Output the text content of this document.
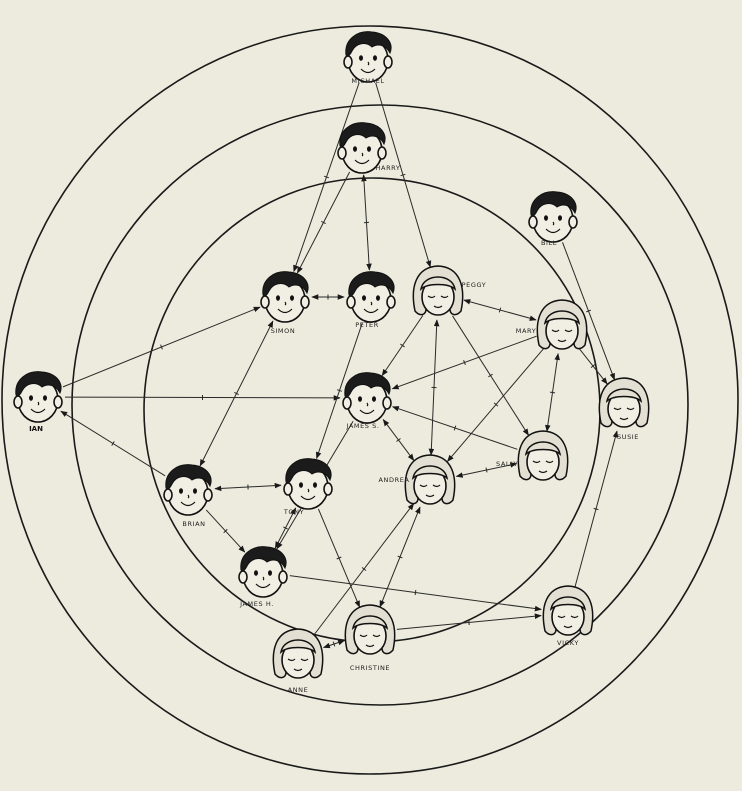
MICHAEL
HARRY
BILL
SIMON
PETER
PEGGY
MARY
IAN	JAMES S.
SUSIE
SALLY
ANDREA
BRIAN
TONY
JAMES H.
CHRISTINE
VICKY
ANNE
